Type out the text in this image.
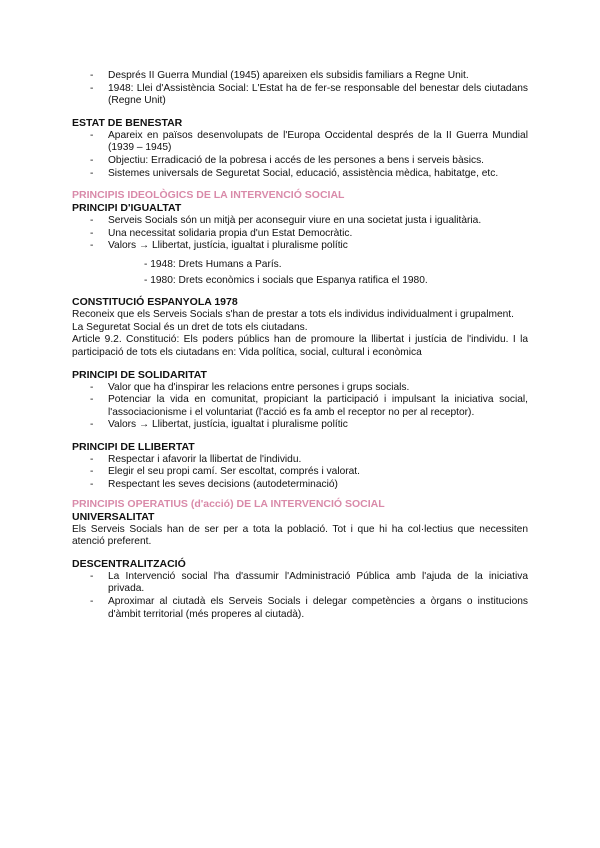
- Després II Guerra Mundial (1945) apareixen els subsidis familiars a Regne Unit.
- 1948: Llei d'Assistència Social: L'Estat ha de fer-se responsable del benestar dels ciutadans (Regne Unit)

ESTAT DE BENESTAR

- Apareix en països desenvolupats de l'Europa Occidental després de la II Guerra Mundial (1939 – 1945)
- Objectiu: Erradicació de la pobresa i accés de les persones a bens i serveis bàsics.
- Sistemes universals de Seguretat Social, educació, assistència mèdica, habitatge, etc.

PRINCIPIS IDEOLÒGICS DE LA INTERVENCIÓ SOCIAL

PRINCIPI D'IGUALTAT

- Serveis Socials són un mitjà per aconseguir viure en una societat justa i igualitària.
- Una necessitat solidaria propia d'un Estat Democràtic.
- Valors → Llibertat, justícia, igualtat i pluralisme polític

- 1948: Drets Humans a París.

- 1980: Drets econòmics i socials que Espanya ratifica el 1980.

CONSTITUCIÓ ESPANYOLA 1978

Reconeix que els Serveis Socials s'han de prestar a tots els individus individualment i grupalment.

La Seguretat Social és un dret de tots els ciutadans.

Article 9.2. Constitució: Els poders públics han de promoure la llibertat i justícia de l'individu. I la participació de tots els ciutadans en: Vida política, social, cultural i econòmica

PRINCIPI DE SOLIDARITAT

- Valor que ha d'inspirar les relacions entre persones i grups socials.
- Potenciar la vida en comunitat, propiciant la participació i impulsant la iniciativa social, l'associacionisme i el voluntariat (l'acció es fa amb el receptor no per al receptor).
- Valors → Llibertat, justícia, igualtat i pluralisme polític

PRINCIPI DE LLIBERTAT

- Respectar i afavorir la llibertat de l'individu.
- Elegir el seu propi camí. Ser escoltat, comprés i valorat.
- Respectant les seves decisions (autodeterminació)

PRINCIPIS OPERATIUS (d'acció) DE LA INTERVENCIÓ SOCIAL

UNIVERSALITAT

Els Serveis Socials han de ser per a tota la població. Tot i que hi ha col·lectius que necessiten atenció preferent.

DESCENTRALITZACIÓ

- La Intervenció social l'ha d'assumir l'Administració Pública amb l'ajuda de la iniciativa privada.
- Aproximar al ciutadà els Serveis Socials i delegar competències a òrgans o institucions d'àmbit territorial (més properes al ciutadà).
